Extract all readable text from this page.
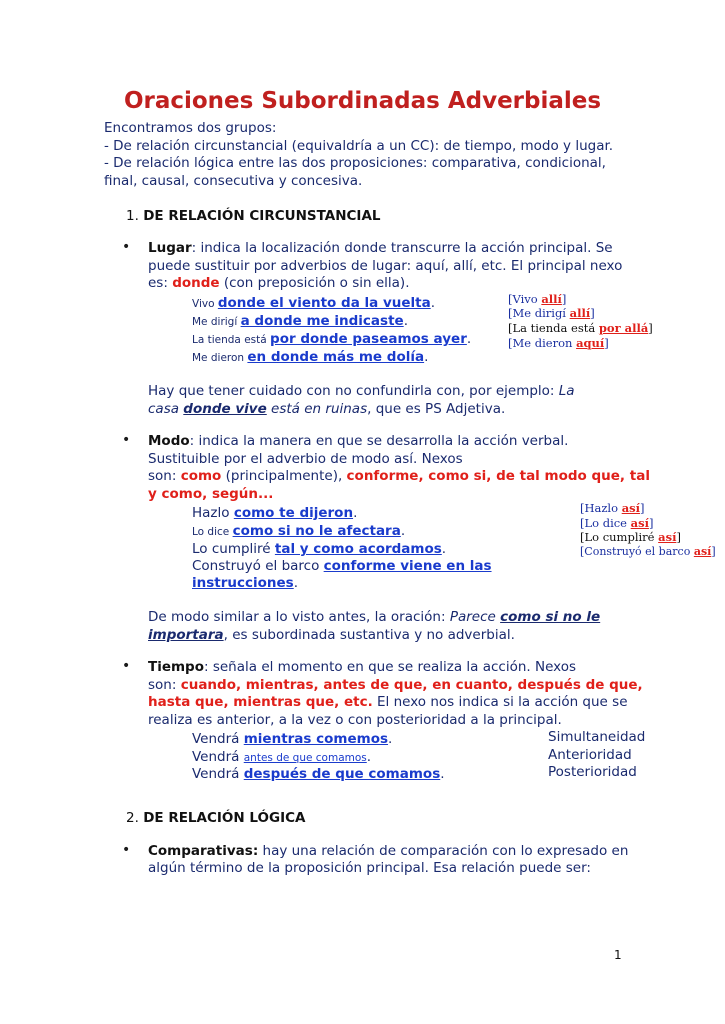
Oraciones Subordinadas Adverbiales
Encontramos dos grupos:
- De relación circunstancial (equivaldría a un CC): de tiempo, modo y lugar.
- De relación lógica entre las dos proposiciones: comparativa, condicional,
final, causal, consecutiva y concesiva.
1. DE RELACIÓN CIRCUNSTANCIAL
• Lugar: indica la localización donde transcurre la acción principal. Se
puede sustituir por adverbios de lugar: aquí, allí, etc. El principal nexo
es: donde (con preposición o sin ella).
Vivo donde el viento da la vuelta.
Me dirigí a donde me indicaste.
La tienda está por donde paseamos ayer.
Me dieron en donde más me dolía.
[Vivo allí]
[Me dirigí allí]
[La tienda está por allá]
[Me dieron aquí]
Hay que tener cuidado con no confundirla con, por ejemplo: La
casa donde vive está en ruinas, que es PS Adjetiva.
• Modo: indica la manera en que se desarrolla la acción verbal.
Sustituible por el adverbio de modo así. Nexos
son: como (principalmente), conforme, como si, de tal modo que, tal
y como, según...
Hazlo como te dijeron.
Lo dice como si no le afectara.
Lo cumpliré tal y como acordamos.
Construyó el barco conforme viene en las
instrucciones.
[Hazlo así]
[Lo dice así]
[Lo cumpliré así]
[Construyó el barco así]
De modo similar a lo visto antes, la oración: Parece como si no le
importara, es subordinada sustantiva y no adverbial.
• Tiempo: señala el momento en que se realiza la acción. Nexos
son: cuando, mientras, antes de que, en cuanto, después de que,
hasta que, mientras que, etc. El nexo nos indica si la acción que se
realiza es anterior, a la vez o con posterioridad a la principal.
Vendrá mientras comemos.
Vendrá antes de que comamos.
Vendrá después de que comamos.
Simultaneidad
Anterioridad
Posterioridad
2. DE RELACIÓN LÓGICA
• Comparativas: hay una relación de comparación con lo expresado en
algún término de la proposición principal. Esa relación puede ser:
1
